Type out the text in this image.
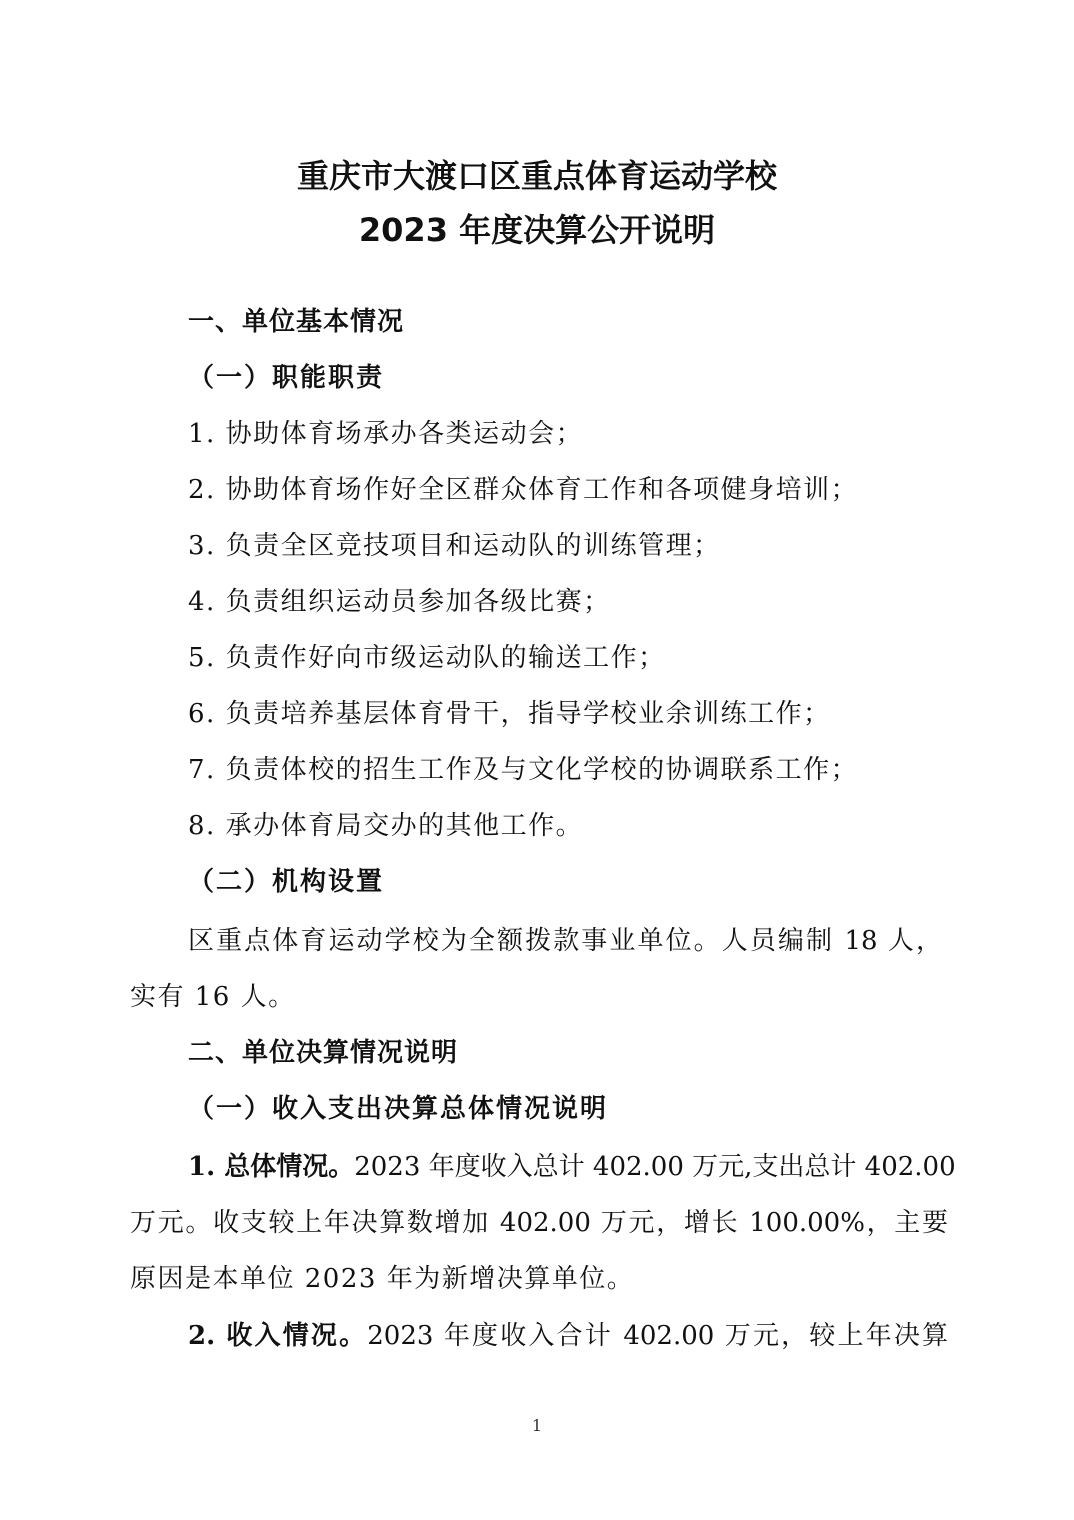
重庆市大渡口区重点体育运动学校
2023 年度决算公开说明
一、单位基本情况
（一）职能职责
1. 协助体育场承办各类运动会；
2. 协助体育场作好全区群众体育工作和各项健身培训；
3. 负责全区竞技项目和运动队的训练管理；
4. 负责组织运动员参加各级比赛；
5. 负责作好向市级运动队的输送工作；
6. 负责培养基层体育骨干，指导学校业余训练工作；
7. 负责体校的招生工作及与文化学校的协调联系工作；
8. 承办体育局交办的其他工作。
（二）机构设置
区重点体育运动学校为全额拨款事业单位。人员编制 18 人，
实有 16 人。
二、单位决算情况说明
（一）收入支出决算总体情况说明
1. 总体情况。2023 年度收入总计 402.00 万元,支出总计 402.00
万元。收支较上年决算数增加 402.00 万元，增长 100.00%，主要
原因是本单位 2023 年为新增决算单位。
2. 收入情况。2023 年度收入合计 402.00 万元，较上年决算
1
